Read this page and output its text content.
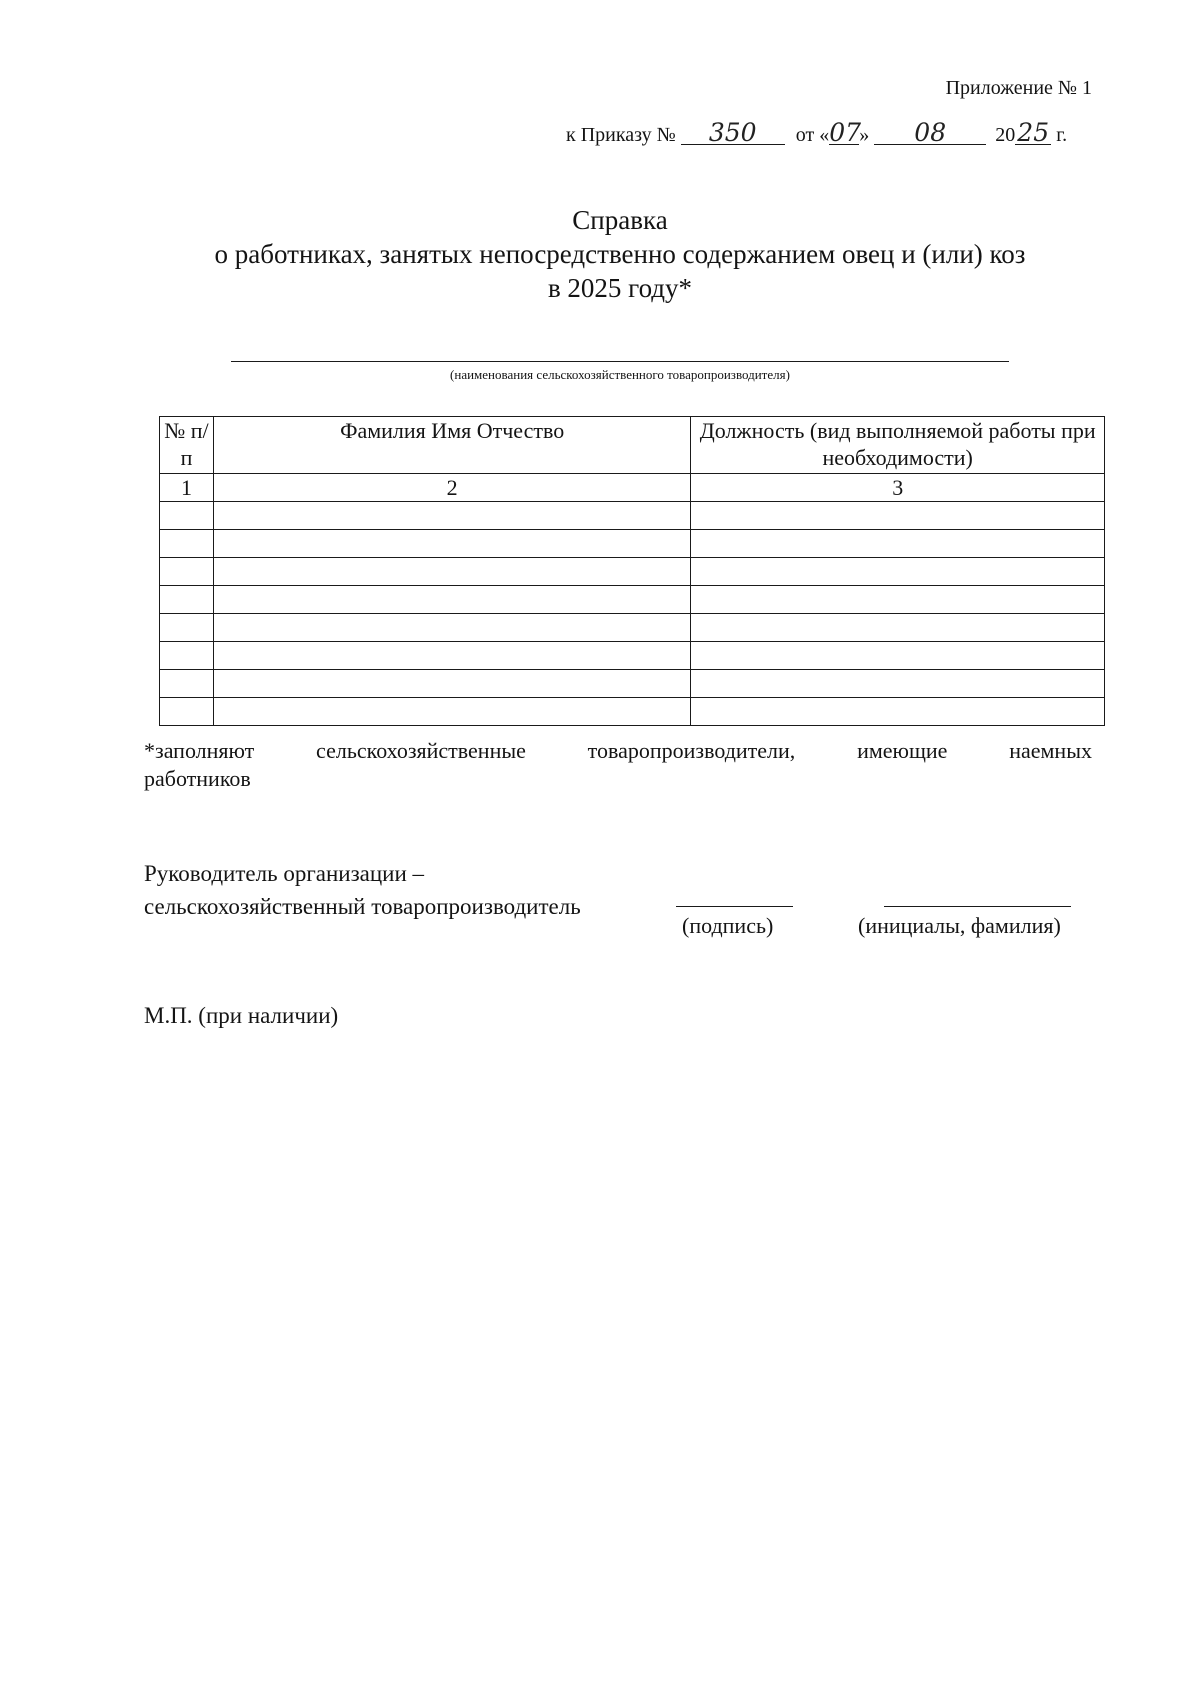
Приложение № 1
к Приказу № 350 от «07» 08 2025 г.
Справка
о работниках, занятых непосредственно содержанием овец и (или) коз
в 2025 году*
(наименования сельскохозяйственного товаропроизводителя)
№ п/п	Фамилия Имя Отчество	Должность (вид выполняемой работы при необходимости)
1	2	3

*заполняют сельскохозяйственные товаропроизводители, имеющие наемных
работников
Руководитель организации –
сельскохозяйственный товаропроизводитель
(подпись)	(инициалы, фамилия)
М.П. (при наличии)
